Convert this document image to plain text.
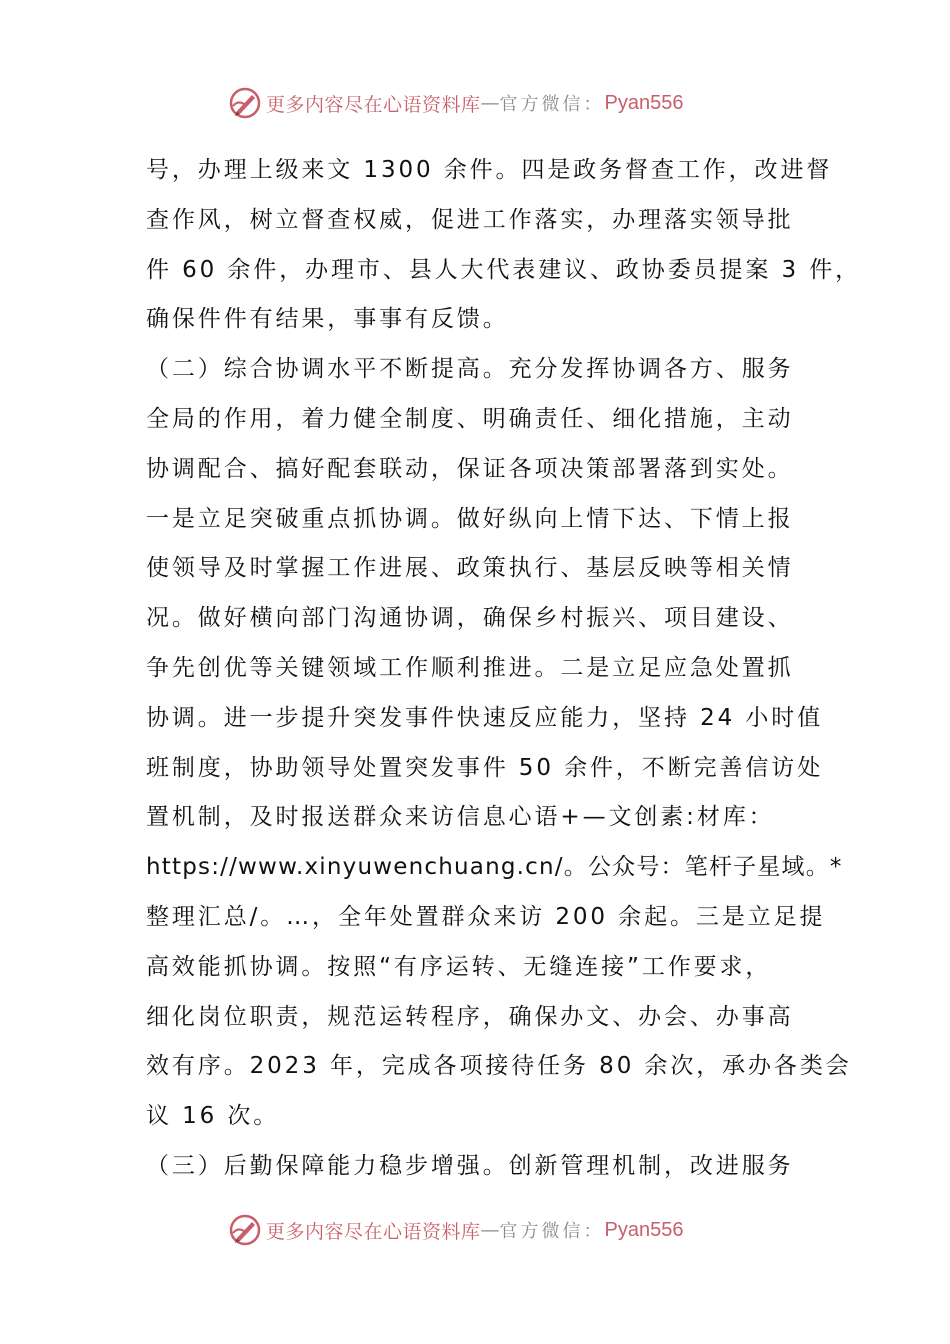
更多内容尽在心语资料库 — 官方微信： Pyan556
号，办理上级来文 1300 余件。四是政务督查工作，改进督
查作风，树立督查权威，促进工作落实，办理落实领导批
件 60 余件，办理市、县人大代表建议、政协委员提案 3 件，
确保件件有结果，事事有反馈。
（二）综合协调水平不断提高。充分发挥协调各方、服务
全局的作用，着力健全制度、明确责任、细化措施，主动
协调配合、搞好配套联动，保证各项决策部署落到实处。
一是立足突破重点抓协调。做好纵向上情下达、下情上报
使领导及时掌握工作进展、政策执行、基层反映等相关情
况。做好横向部门沟通协调，确保乡村振兴、项目建设、
争先创优等关键领域工作顺利推进。二是立足应急处置抓
协调。进一步提升突发事件快速反应能力，坚持 24 小时值
班制度，协助领导处置突发事件 50 余件，不断完善信访处
置机制，及时报送群众来访信息心语+—文创素:材库：
https://www.xinyuwenchuang.cn/。公众号：笔杆子星域。*
整理汇总/。…，全年处置群众来访 200 余起。三是立足提
高效能抓协调。按照“有序运转、无缝连接”工作要求，
细化岗位职责，规范运转程序，确保办文、办会、办事高
效有序。2023 年，完成各项接待任务 80 余次，承办各类会
议 16 次。
（三）后勤保障能力稳步增强。创新管理机制，改进服务
更多内容尽在心语资料库 — 官方微信： Pyan556
